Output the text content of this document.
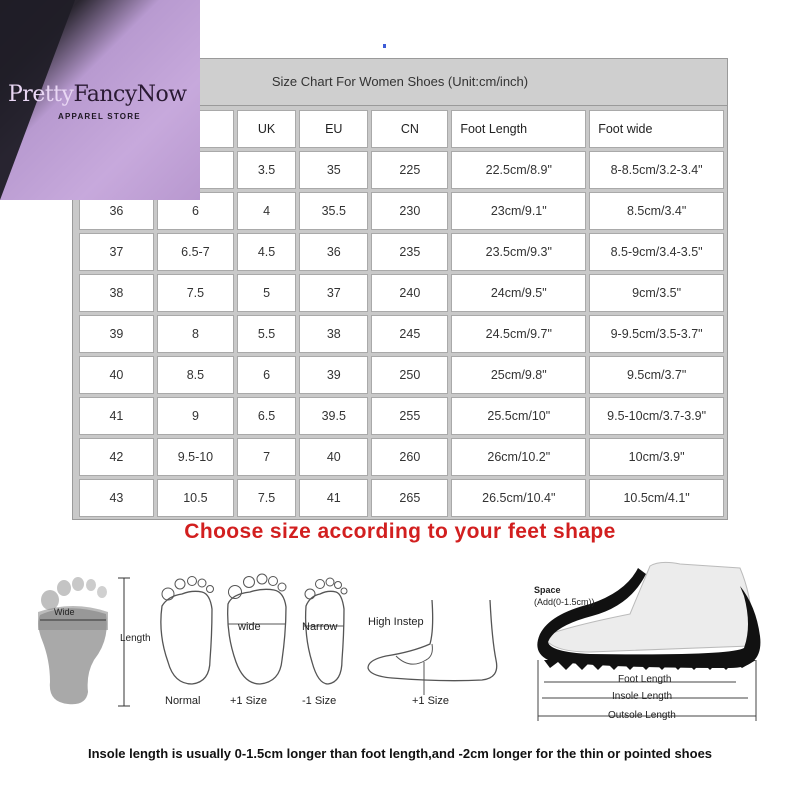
Size Chart For Women Shoes (Unit:cm/inch)
		UK	EU	CN	Foot Length	Foot wide
		3.5	35	225	22.5cm/8.9"	8-8.5cm/3.2-3.4"
36	6	4	35.5	230	23cm/9.1"	8.5cm/3.4"
37	6.5-7	4.5	36	235	23.5cm/9.3"	8.5-9cm/3.4-3.5"
38	7.5	5	37	240	24cm/9.5"	9cm/3.5"
39	8	5.5	38	245	24.5cm/9.7"	9-9.5cm/3.5-3.7"
40	8.5	6	39	250	25cm/9.8"	9.5cm/3.7"
41	9	6.5	39.5	255	25.5cm/10"	9.5-10cm/3.7-3.9"
42	9.5-10	7	40	260	26cm/10.2"	10cm/3.9"
43	10.5	7.5	41	265	26.5cm/10.4"	10.5cm/4.1"
PrettyFancyNow
APPAREL STORE
Choose size according to your feet shape
Wide
Length
wide	Narrow
Normal	+1 Size	-1 Size
High Instep
+1 Size
Space
(Add(0-1.5cm))
Foot Length
Insole Length
Outsole Length
Insole length is usually 0-1.5cm longer than foot length,and -2cm longer for the thin or pointed shoes
